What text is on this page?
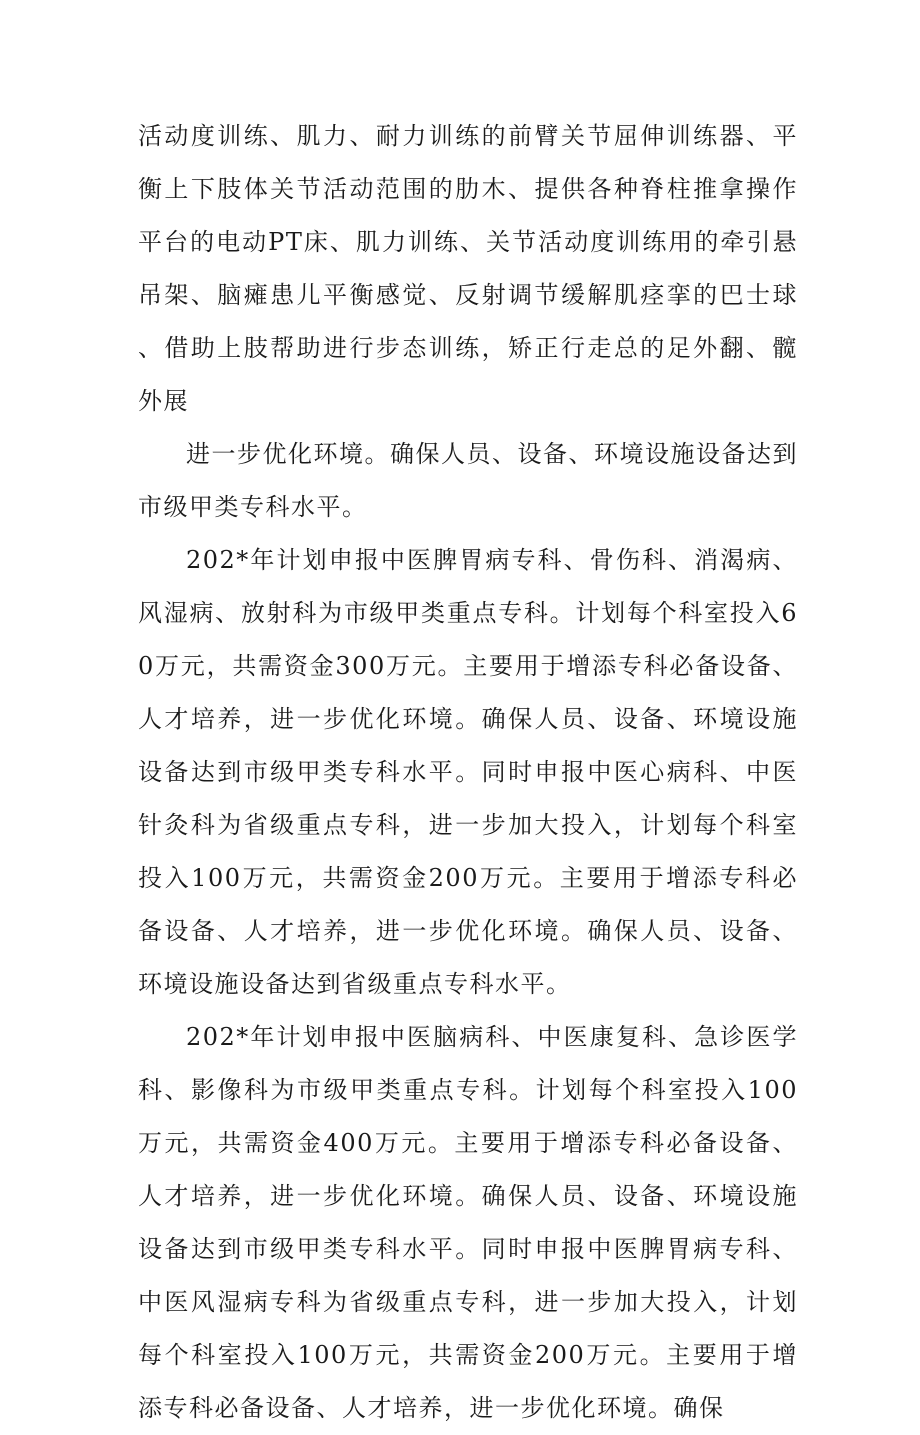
活动度训练、肌力、耐力训练的前臂关节屈伸训练器、平衡上下肢体关节活动范围的肋木、提供各种脊柱推拿操作平台的电动PT床、肌力训练、关节活动度训练用的牵引悬吊架、脑瘫患儿平衡感觉、反射调节缓解肌痉挛的巴士球、借助上肢帮助进行步态训练，矫正行走总的足外翻、髋外展

进一步优化环境。确保人员、设备、环境设施设备达到市级甲类专科水平。

202*年计划申报中医脾胃病专科、骨伤科、消渴病、风湿病、放射科为市级甲类重点专科。计划每个科室投入60万元，共需资金300万元。主要用于增添专科必备设备、人才培养，进一步优化环境。确保人员、设备、环境设施设备达到市级甲类专科水平。同时申报中医心病科、中医针灸科为省级重点专科，进一步加大投入，计划每个科室投入100万元，共需资金200万元。主要用于增添专科必备设备、人才培养，进一步优化环境。确保人员、设备、环境设施设备达到省级重点专科水平。

202*年计划申报中医脑病科、中医康复科、急诊医学科、影像科为市级甲类重点专科。计划每个科室投入100万元，共需资金400万元。主要用于增添专科必备设备、人才培养，进一步优化环境。确保人员、设备、环境设施设备达到市级甲类专科水平。同时申报中医脾胃病专科、中医风湿病专科为省级重点专科，进一步加大投入，计划每个科室投入100万元，共需资金200万元。主要用于增添专科必备设备、人才培养，进一步优化环境。确保
